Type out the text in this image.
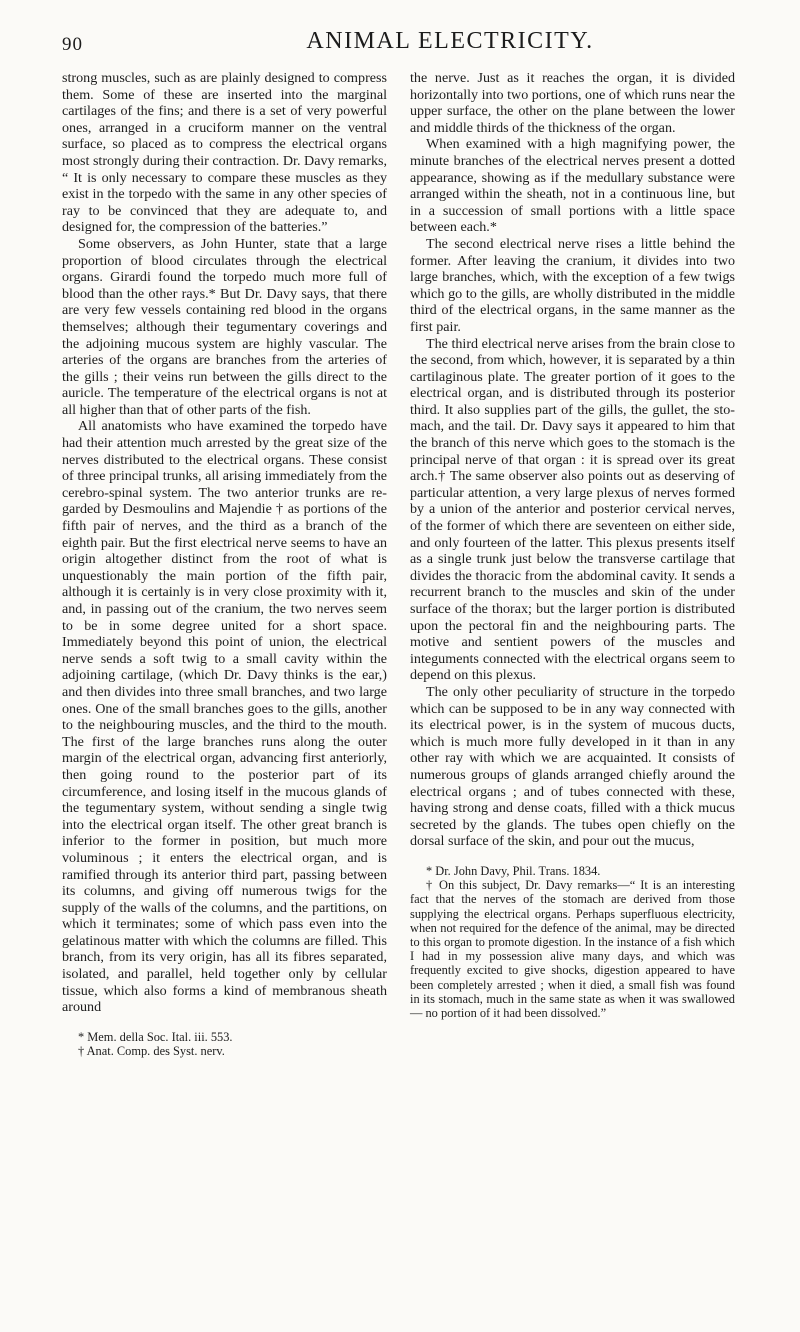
90	ANIMAL ELECTRICITY.

strong muscles, such as are plainly designed to compress them. Some of these are inserted into the marginal cartilages of the fins; and there is a set of very powerful ones, arranged in a cruciform manner on the ventral surface, so placed as to compress the electrical organs most strongly during their contraction. Dr. Davy remarks, “ It is only necessary to compare these muscles as they exist in the torpedo with the same in any other species of ray to be convinced that they are adequate to, and designed for, the compression of the batteries.”

Some observers, as John Hunter, state that a large proportion of blood circulates through the electrical organs. Girardi found the torpedo much more full of blood than the other rays.* But Dr. Davy says, that there are very few vessels containing red blood in the organs themselves; although their tegumentary coverings and the adjoining mucous system are highly vascular. The arteries of the organs are branches from the arteries of the gills ; their veins run between the gills direct to the auricle. The temperature of the electrical organs is not at all higher than that of other parts of the fish.

All anatomists who have examined the torpedo have had their attention much arrested by the great size of the nerves distributed to the electrical organs. These consist of three principal trunks, all arising immediately from the cerebro-spinal system. The two anterior trunks are regarded by Desmoulins and Majendie † as portions of the fifth pair of nerves, and the third as a branch of the eighth pair. But the first electrical nerve seems to have an origin altogether distinct from the root of what is unquestionably the main portion of the fifth pair, although it is certainly is in very close proximity with it, and, in passing out of the cranium, the two nerves seem to be in some degree united for a short space. Immediately beyond this point of union, the electrical nerve sends a soft twig to a small cavity within the adjoining cartilage, (which Dr. Davy thinks is the ear,) and then divides into three small branches, and two large ones. One of the small branches goes to the gills, another to the neighbouring muscles, and the third to the mouth. The first of the large branches runs along the outer margin of the electrical organ, advancing first anteriorly, then going round to the posterior part of its circumference, and losing itself in the mucous glands of the tegumentary system, without sending a single twig into the electrical organ itself. The other great branch is inferior to the former in position, but much more voluminous ; it enters the electrical organ, and is ramified through its anterior third part, passing between its columns, and giving off numerous twigs for the supply of the walls of the columns, and the partitions, on which it terminates; some of which pass even into the gelatinous matter with which the columns are filled. This branch, from its very origin, has all its fibres separated, isolated, and parallel, held together only by cellular tissue, which also forms a kind of membranous sheath around

* Mem. della Soc. Ital. iii. 553.

† Anat. Comp. des Syst. nerv.

the nerve. Just as it reaches the organ, it is divided horizontally into two portions, one of which runs near the upper surface, the other on the plane between the lower and middle thirds of the thickness of the organ.

When examined with a high magnifying power, the minute branches of the electrical nerves present a dotted appearance, showing as if the medullary substance were arranged within the sheath, not in a continuous line, but in a succession of small portions with a little space between each.*

The second electrical nerve rises a little behind the former. After leaving the cranium, it divides into two large branches, which, with the exception of a few twigs which go to the gills, are wholly distributed in the middle third of the electrical organs, in the same manner as the first pair.

The third electrical nerve arises from the brain close to the second, from which, however, it is separated by a thin cartilaginous plate. The greater portion of it goes to the electrical organ, and is distributed through its posterior third. It also supplies part of the gills, the gullet, the stomach, and the tail. Dr. Davy says it appeared to him that the branch of this nerve which goes to the stomach is the principal nerve of that organ : it is spread over its great arch.† The same observer also points out as deserving of particular attention, a very large plexus of nerves formed by a union of the anterior and posterior cervical nerves, of the former of which there are seventeen on either side, and only fourteen of the latter. This plexus presents itself as a single trunk just below the transverse cartilage that divides the thoracic from the abdominal cavity. It sends a recurrent branch to the muscles and skin of the under surface of the thorax; but the larger portion is distributed upon the pectoral fin and the neighbouring parts. The motive and sentient powers of the muscles and integuments connected with the electrical organs seem to depend on this plexus.

The only other peculiarity of structure in the torpedo which can be supposed to be in any way connected with its electrical power, is in the system of mucous ducts, which is much more fully developed in it than in any other ray with which we are acquainted. It consists of numerous groups of glands arranged chiefly around the electrical organs ; and of tubes connected with these, having strong and dense coats, filled with a thick mucus secreted by the glands. The tubes open chiefly on the dorsal surface of the skin, and pour out the mucus,

* Dr. John Davy, Phil. Trans. 1834.

† On this subject, Dr. Davy remarks—“ It is an interesting fact that the nerves of the stomach are derived from those supplying the electrical organs. Perhaps superfluous electricity, when not required for the defence of the animal, may be directed to this organ to promote digestion. In the instance of a fish which I had in my possession alive many days, and which was frequently excited to give shocks, digestion appeared to have been completely arrested ; when it died, a small fish was found in its stomach, much in the same state as when it was swallowed— no portion of it had been dissolved.”
